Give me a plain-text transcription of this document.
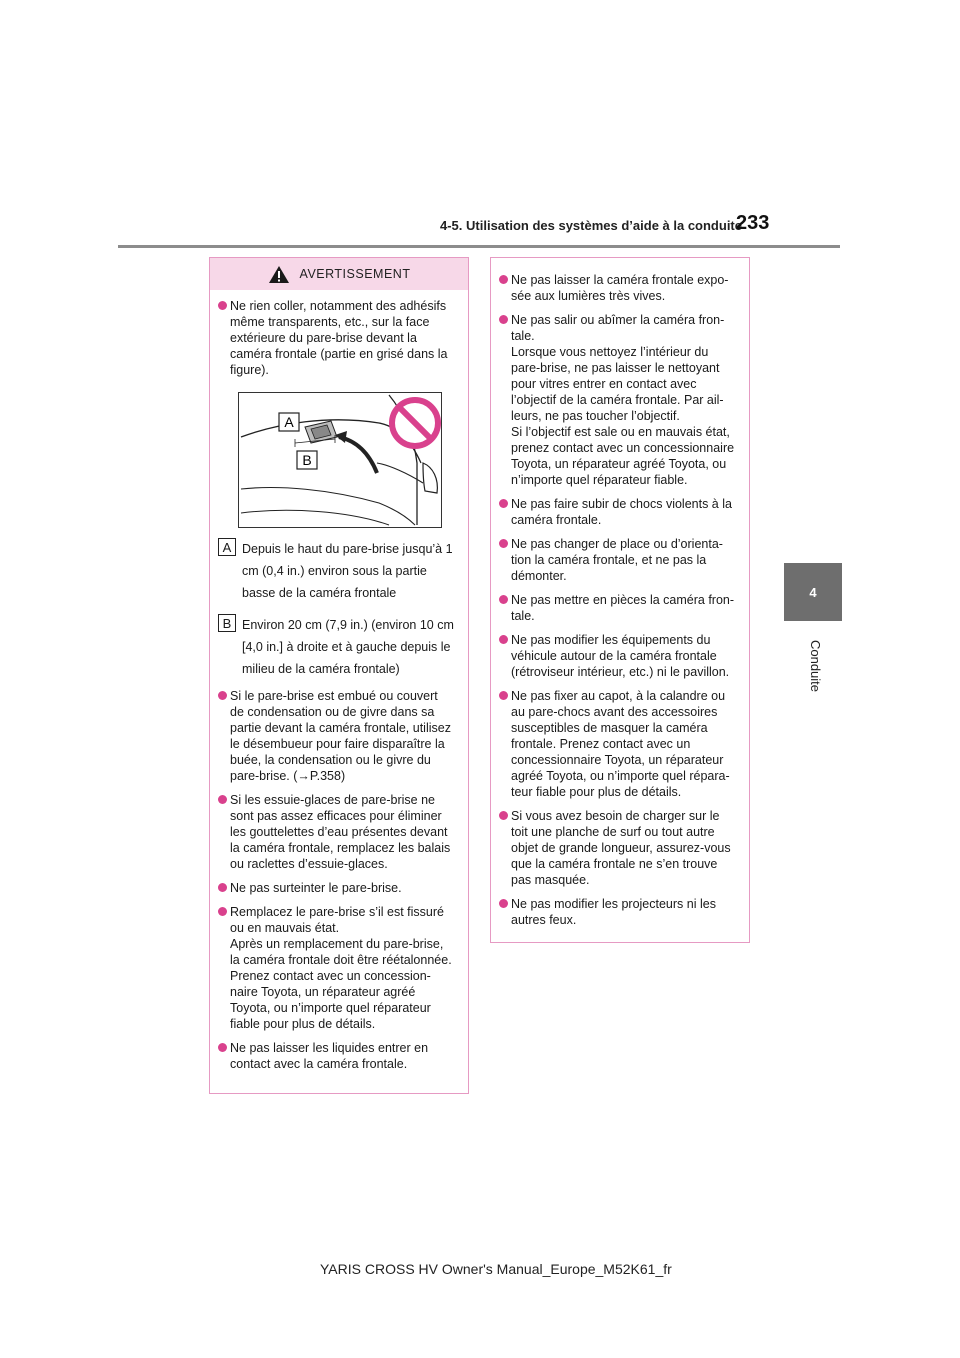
4-5. Utilisation des systèmes d’aide à la conduite
233
4
Conduite
AVERTISSEMENT
Ne rien coller, notamment des adhésifs
même transparents, etc., sur la face
extérieure du pare-brise devant la
caméra frontale (partie en grisé dans la
figure).
A
B
A Depuis le haut du pare-brise jusqu’à 1
cm (0,4 in.) environ sous la partie
basse de la caméra frontale
B Environ 20 cm (7,9 in.) (environ 10 cm
[4,0 in.] à droite et à gauche depuis le
milieu de la caméra frontale)
Si le pare-brise est embué ou couvert
de condensation ou de givre dans sa
partie devant la caméra frontale, utilisez
le désembueur pour faire disparaître la
buée, la condensation ou le givre du
pare-brise. (→P.358)
Si les essuie-glaces de pare-brise ne
sont pas assez efficaces pour éliminer
les gouttelettes d’eau présentes devant
la caméra frontale, remplacez les balais
ou raclettes d’essuie-glaces.
Ne pas surteinter le pare-brise.
Remplacez le pare-brise s’il est fissuré
ou en mauvais état.
Après un remplacement du pare-brise,
la caméra frontale doit être réétalonnée.
Prenez contact avec un concession-
naire Toyota, un réparateur agréé
Toyota, ou n’importe quel réparateur
fiable pour plus de détails.
Ne pas laisser les liquides entrer en
contact avec la caméra frontale.
Ne pas laisser la caméra frontale expo-
sée aux lumières très vives.
Ne pas salir ou abîmer la caméra fron-
tale.
Lorsque vous nettoyez l’intérieur du
pare-brise, ne pas laisser le nettoyant
pour vitres entrer en contact avec
l’objectif de la caméra frontale. Par ail-
leurs, ne pas toucher l’objectif.
Si l’objectif est sale ou en mauvais état,
prenez contact avec un concessionnaire
Toyota, un réparateur agréé Toyota, ou
n’importe quel réparateur fiable.
Ne pas faire subir de chocs violents à la
caméra frontale.
Ne pas changer de place ou d’orienta-
tion la caméra frontale, et ne pas la
démonter.
Ne pas mettre en pièces la caméra fron-
tale.
Ne pas modifier les équipements du
véhicule autour de la caméra frontale
(rétroviseur intérieur, etc.) ni le pavillon.
Ne pas fixer au capot, à la calandre ou
au pare-chocs avant des accessoires
susceptibles de masquer la caméra
frontale. Prenez contact avec un
concessionnaire Toyota, un réparateur
agréé Toyota, ou n’importe quel répara-
teur fiable pour plus de détails.
Si vous avez besoin de charger sur le
toit une planche de surf ou tout autre
objet de grande longueur, assurez-vous
que la caméra frontale ne s’en trouve
pas masquée.
Ne pas modifier les projecteurs ni les
autres feux.
YARIS CROSS HV Owner's Manual_Europe_M52K61_fr
